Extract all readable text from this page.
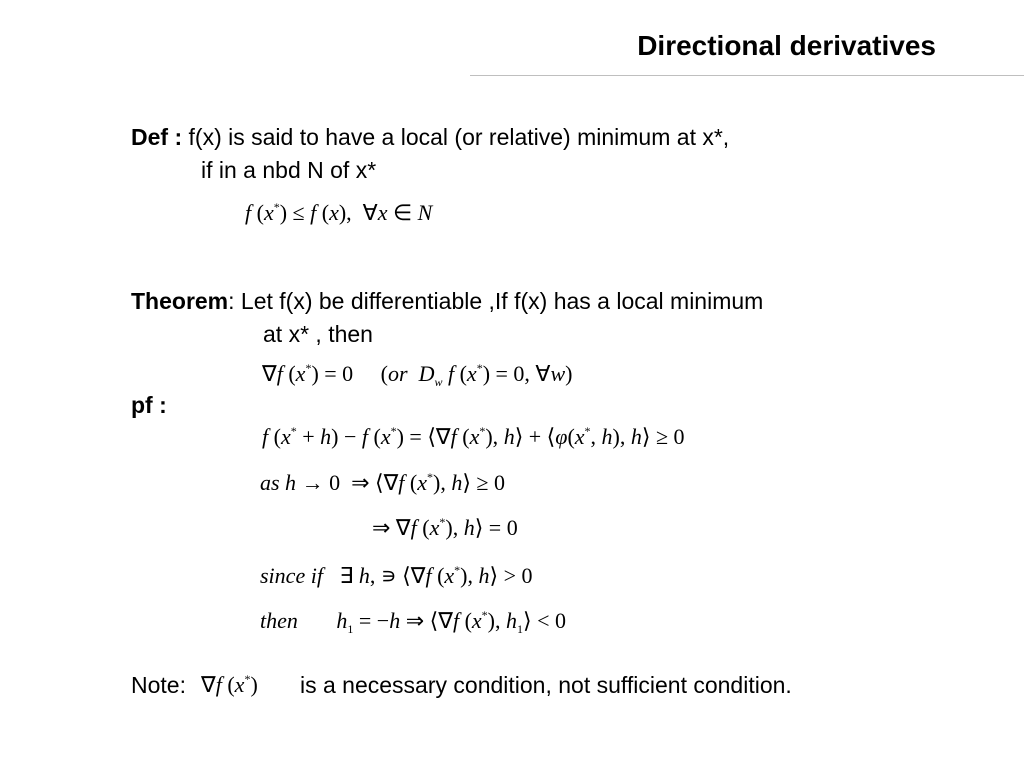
Directional derivatives
Def : f(x) is said to have a local (or relative) minimum at x*,
if in a nbd N of x*
f (x*) ≤ f (x),  ∀x ∈ N
Theorem: Let f(x) be differentiable ,If f(x) has a local minimum
at x* , then
∇f (x*) = 0     (or $D_w$ f (x*) = 0, ∀w)
pf :
f (x* + h) − f (x*) = ⟨∇f (x*), h⟩ + ⟨φ(x*, h), h⟩ ≥ 0
as h → 0  ⇒ ⟨∇f (x*), h⟩ ≥ 0
⇒ ∇f (x*), h⟩ = 0
since if   ∃ h, ∍ ⟨∇f (x*), h⟩ > 0
then $h_1 = -h$ ⇒ ⟨∇f (x*), $h_1⟩ < 0$
Note: ∇f (x*) is a necessary condition, not sufficient condition.
